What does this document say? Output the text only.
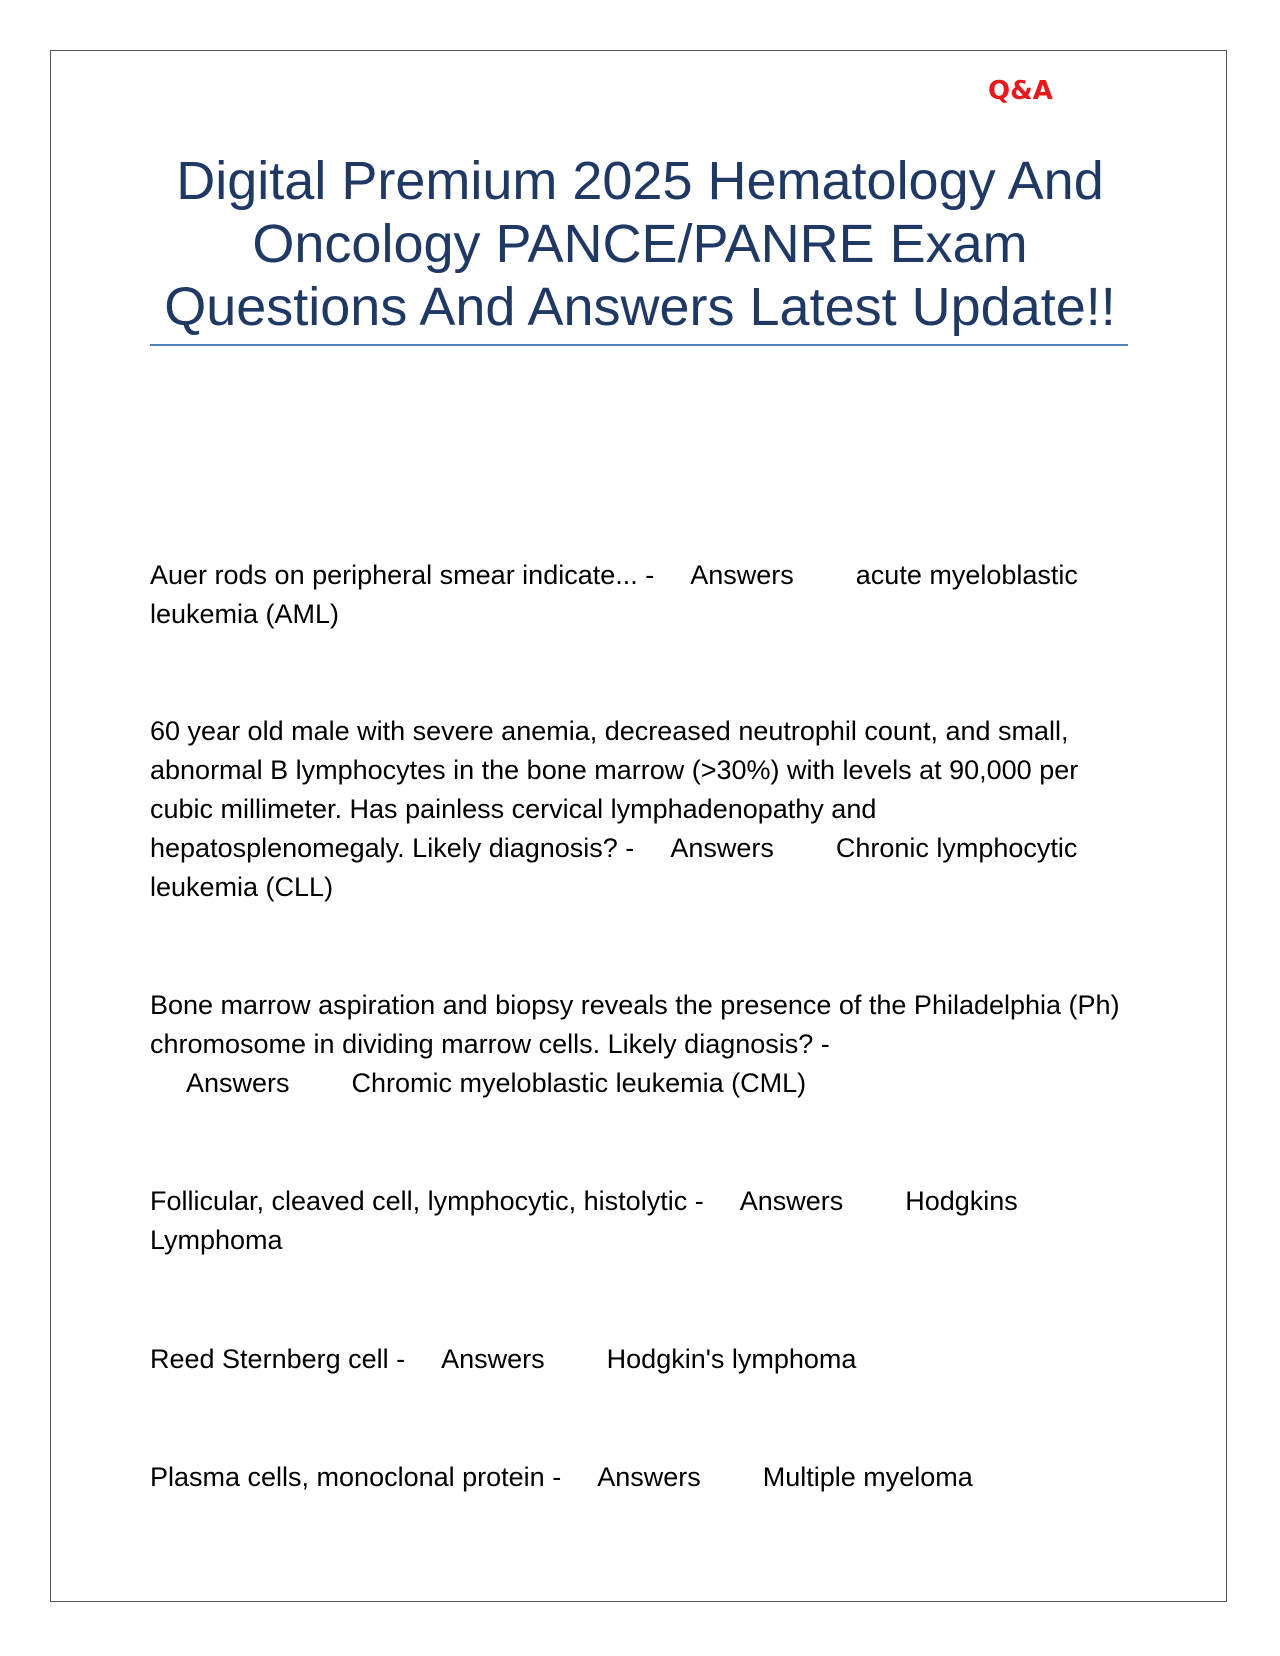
Q&A
Digital Premium 2025 Hematology And Oncology PANCE/PANRE Exam Questions And Answers Latest Update!!

Auer rods on peripheral smear indicate... - Answers acute myeloblastic leukemia (AML)

60 year old male with severe anemia, decreased neutrophil count, and small, abnormal B lymphocytes in the bone marrow (>30%) with levels at 90,000 per cubic millimeter. Has painless cervical lymphadenopathy and hepatosplenomegaly. Likely diagnosis? - Answers Chronic lymphocytic leukemia (CLL)

Bone marrow aspiration and biopsy reveals the presence of the Philadelphia (Ph) chromosome in dividing marrow cells. Likely diagnosis? -Answers Chromic myeloblastic leukemia (CML)

Follicular, cleaved cell, lymphocytic, histolytic - Answers Hodgkins Lymphoma

Reed Sternberg cell - Answers Hodgkin's lymphoma

Plasma cells, monoclonal protein - Answers Multiple myeloma
